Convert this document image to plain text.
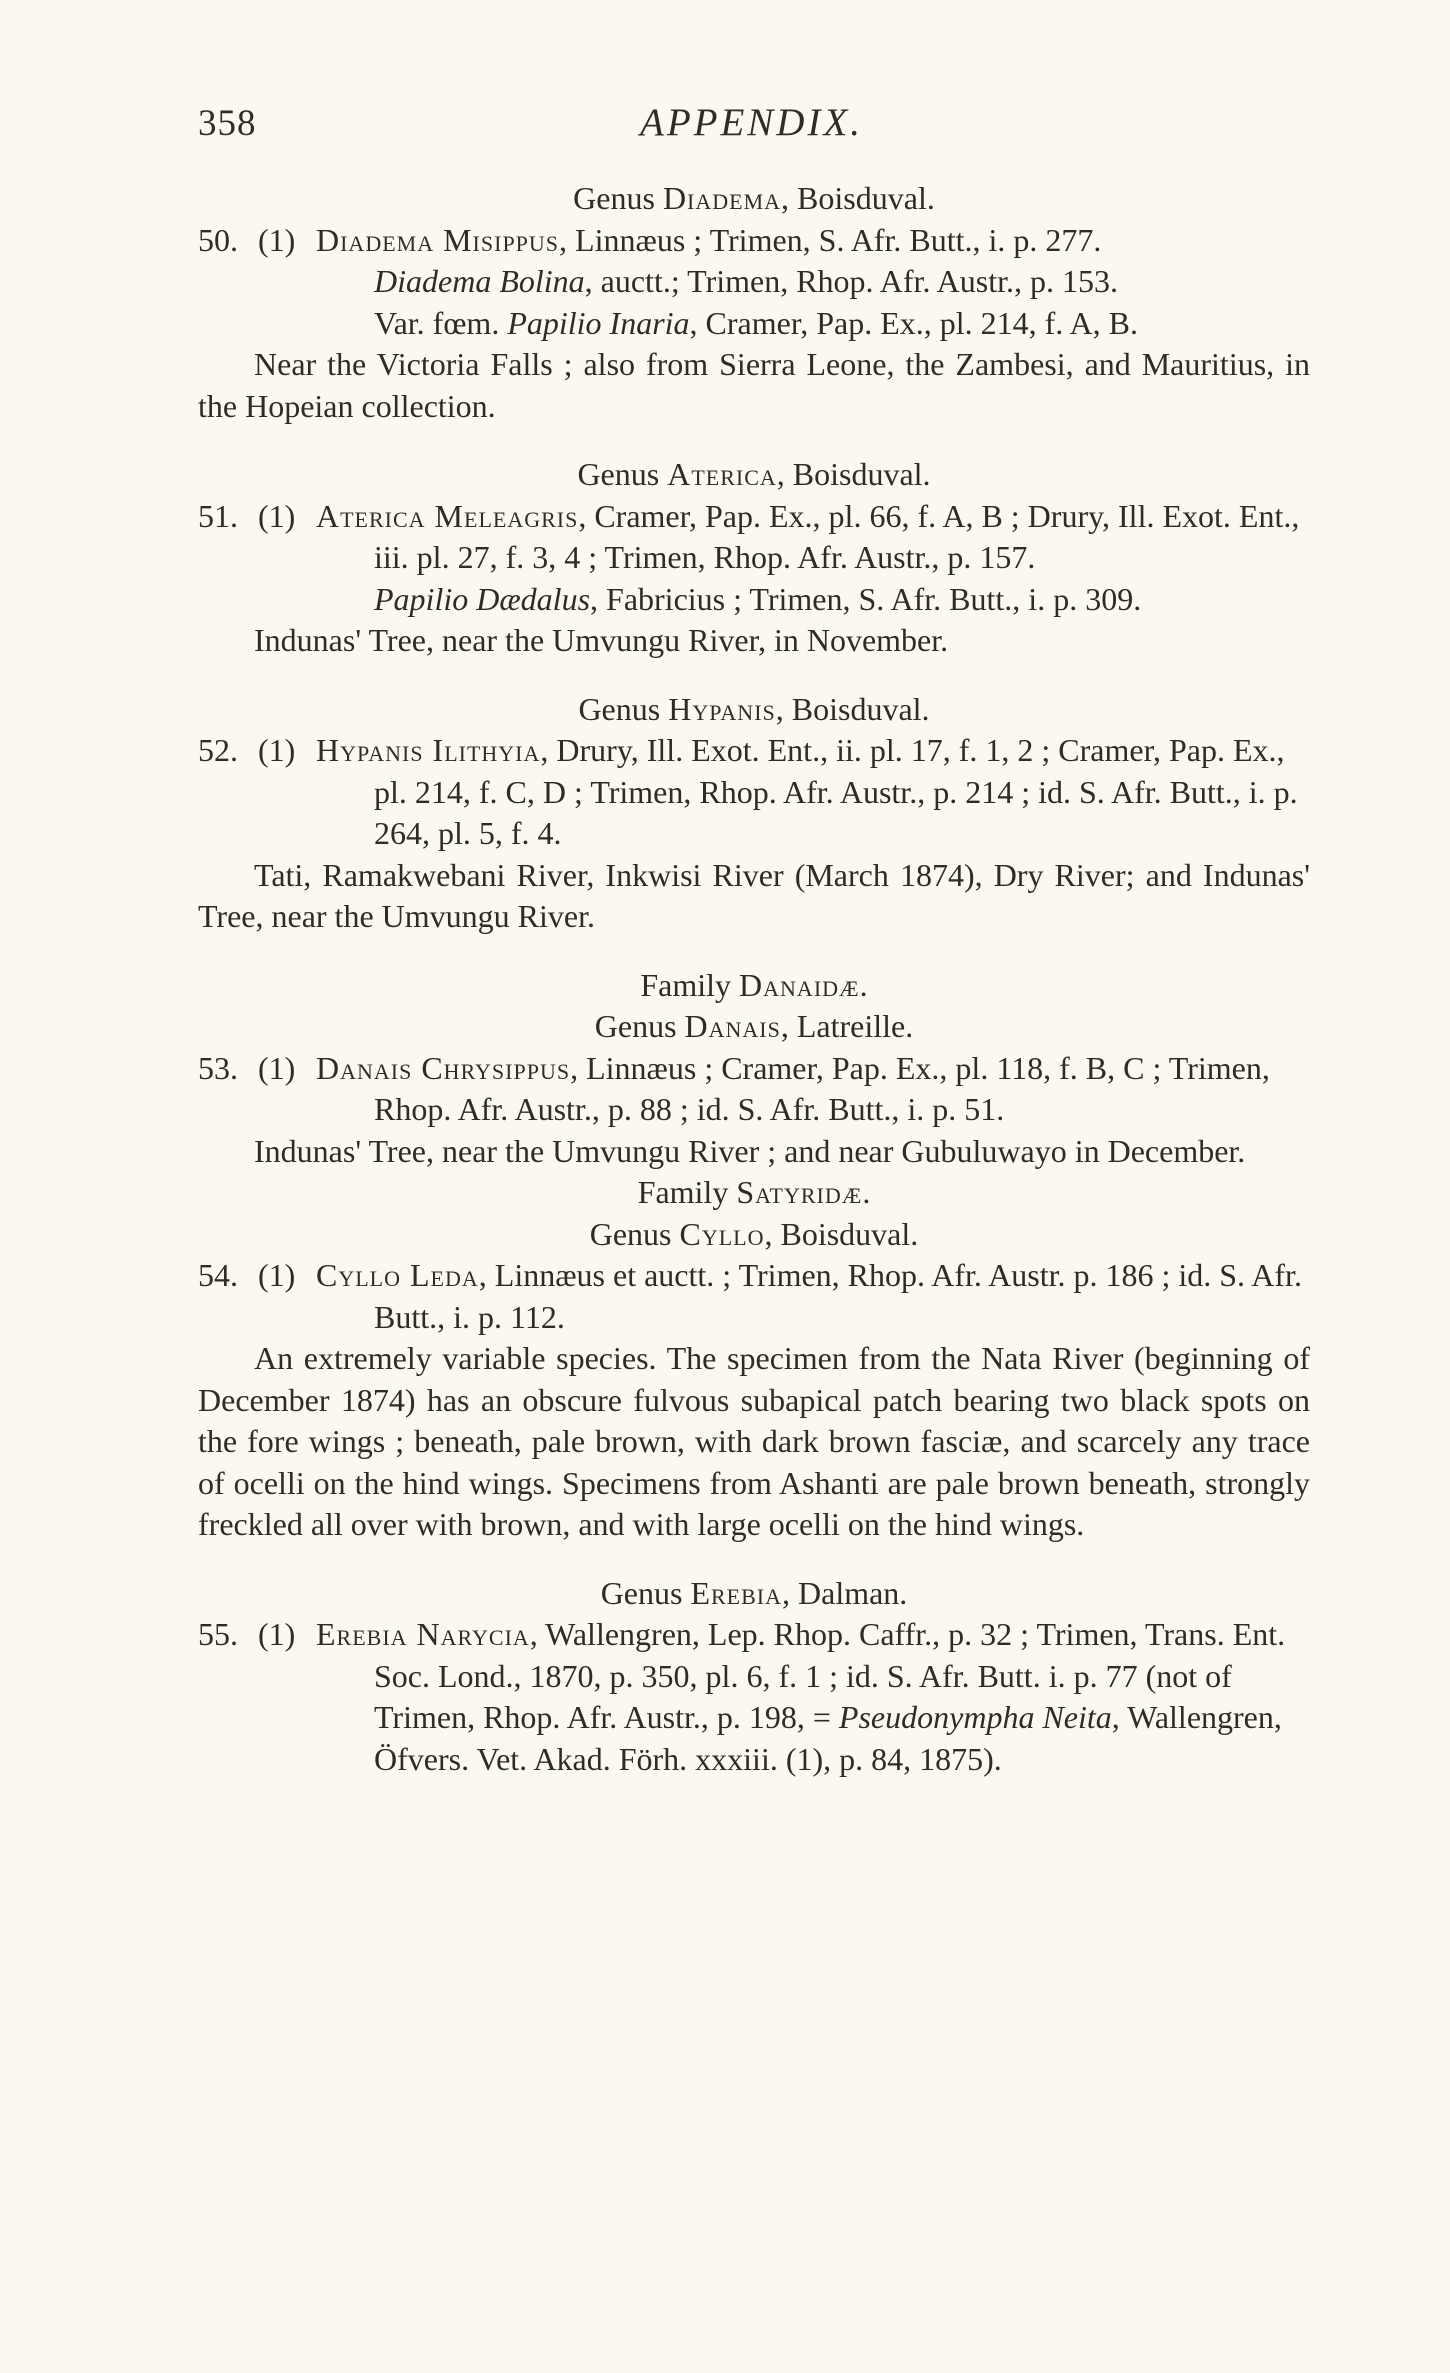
358	APPENDIX.
Genus Diadema, Boisduval.
50. (1) Diadema Misippus, Linnæus ; Trimen, S. Afr. Butt., i. p. 277.
Diadema Bolina, auctt.; Trimen, Rhop. Afr. Austr., p. 153.
Var. fœm. Papilio Inaria, Cramer, Pap. Ex., pl. 214, f. A, B.
Near the Victoria Falls ; also from Sierra Leone, the Zambesi, and Mauritius, in the Hopeian collection.
Genus Aterica, Boisduval.
51. (1) Aterica Meleagris, Cramer, Pap. Ex., pl. 66, f. A, B ; Drury, Ill. Exot. Ent., iii. pl. 27, f. 3, 4 ; Trimen, Rhop. Afr. Austr., p. 157.
Papilio Dædalus, Fabricius ; Trimen, S. Afr. Butt., i. p. 309.
Indunas' Tree, near the Umvungu River, in November.
Genus Hypanis, Boisduval.
52. (1) Hypanis Ilithyia, Drury, Ill. Exot. Ent., ii. pl. 17, f. 1, 2 ; Cramer, Pap. Ex., pl. 214, f. C, D ; Trimen, Rhop. Afr. Austr., p. 214 ; id. S. Afr. Butt., i. p. 264, pl. 5, f. 4.
Tati, Ramakwebani River, Inkwisi River (March 1874), Dry River; and Indunas' Tree, near the Umvungu River.
Family Danaidæ.
Genus Danais, Latreille.
53. (1) Danais Chrysippus, Linnæus ; Cramer, Pap. Ex., pl. 118, f. B, C ; Trimen, Rhop. Afr. Austr., p. 88 ; id. S. Afr. Butt., i. p. 51.
Indunas' Tree, near the Umvungu River ; and near Gubuluwayo in December.
Family Satyridæ.
Genus Cyllo, Boisduval.
54. (1) Cyllo Leda, Linnæus et auctt. ; Trimen, Rhop. Afr. Austr. p. 186 ; id. S. Afr. Butt., i. p. 112.
An extremely variable species. The specimen from the Nata River (beginning of December 1874) has an obscure fulvous subapical patch bearing two black spots on the fore wings ; beneath, pale brown, with dark brown fasciæ, and scarcely any trace of ocelli on the hind wings. Specimens from Ashanti are pale brown beneath, strongly freckled all over with brown, and with large ocelli on the hind wings.
Genus Erebia, Dalman.
55. (1) Erebia Narycia, Wallengren, Lep. Rhop. Caffr., p. 32 ; Trimen, Trans. Ent. Soc. Lond., 1870, p. 350, pl. 6, f. 1 ; id. S. Afr. Butt. i. p. 77 (not of Trimen, Rhop. Afr. Austr., p. 198, = Pseudonympha Neita, Wallengren, Öfvers. Vet. Akad. Förh. xxxiii. (1), p. 84, 1875).
